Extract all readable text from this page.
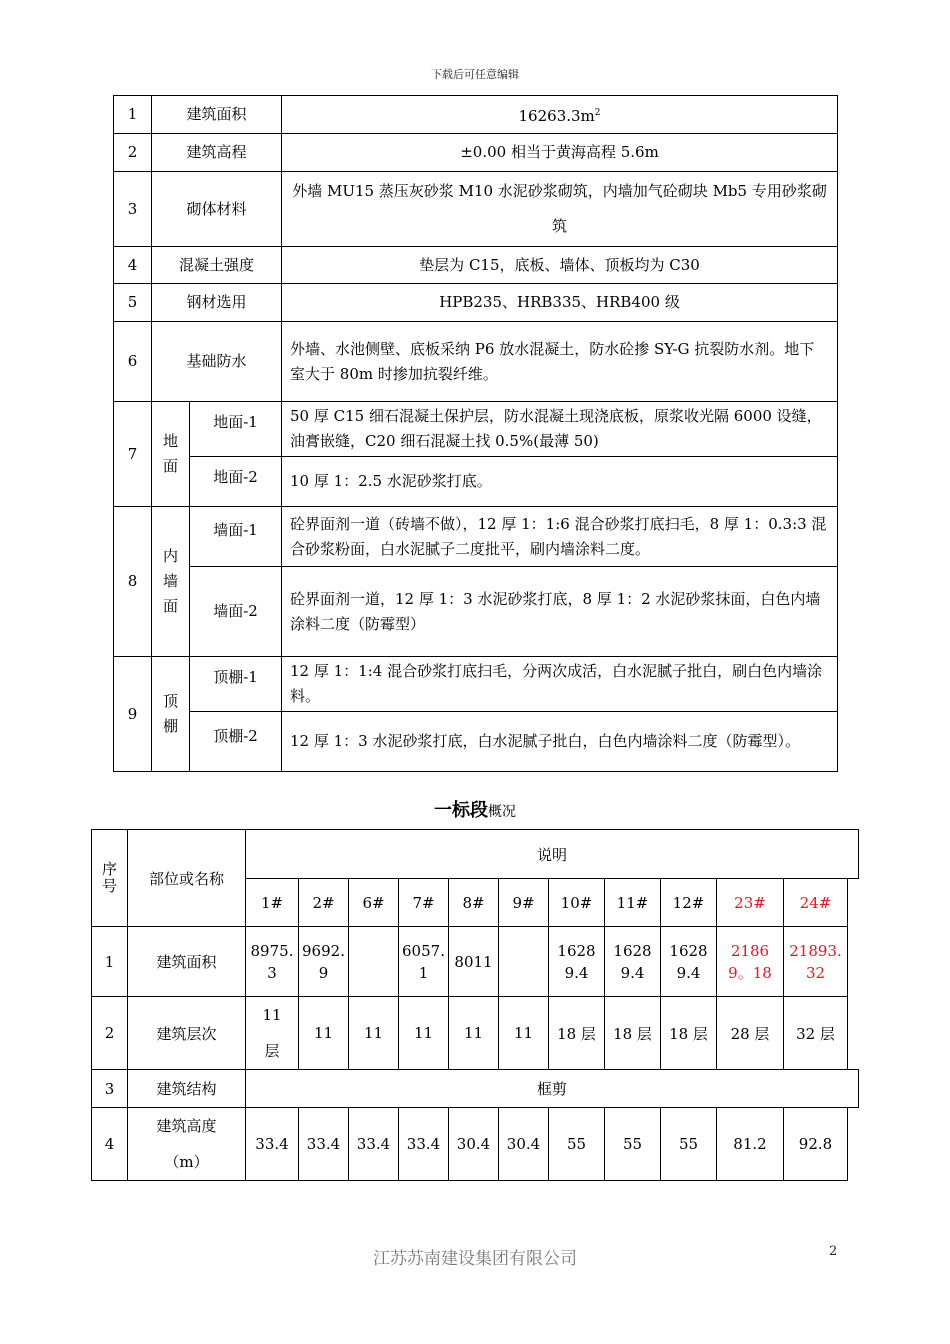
下载后可任意编辑
1	建筑面积		$16263.3m^2$
2	建筑高程		±0.00 相当于黄海高程 5.6m
3	砌体材料		外墙 MU15 蒸压灰砂浆 M10 水泥砂浆砌筑，内墙加气砼砌块 Mb5 专用砂浆砌筑
4	混凝土强度		垫层为 C15，底板、墙体、顶板均为 C30
5	钢材选用		HPB235、HRB335、HRB400 级
6	基础防水		外墙、水池侧壁、底板采纳 P6 放水混凝土，防水砼掺 SY-G 抗裂防水剂。地下室大于 80m 时掺加抗裂纤维。
7	地面	地面-1	50 厚 C15 细石混凝土保护层，防水混凝土现浇底板，原浆收光隔 6000 设缝，油膏嵌缝，C20 细石混凝土找 0.5%(最薄 50)
		地面-2	10 厚 1：2.5 水泥砂浆打底。
8	内墙面	墙面-1	砼界面剂一道（砖墙不做），12 厚 1：1:6 混合砂浆打底扫毛，8 厚 1：0.3:3 混合砂浆粉面，白水泥腻子二度批平，刷内墙涂料二度。
		墙面-2	砼界面剂一道，12 厚 1：3 水泥砂浆打底，8 厚 1：2 水泥砂浆抹面，白色内墙涂料二度（防霉型）
9	顶棚	顶棚-1	12 厚 1：1:4 混合砂浆打底扫毛，分两次成活，白水泥腻子批白，刷白色内墙涂料。
		顶棚-2	12 厚 1：3 水泥砂浆打底，白水泥腻子批白，白色内墙涂料二度（防霉型）。
一标段概况
序号	部位或名称	说明											
		1#	2#	6#	7#	8#	9#	10#	11#	12#	23#	24#	
1	建筑面积	8975.3	9692.9		6057.1	8011		16289.4	16289.4	16289.4	21869。18	21893.32	
2	建筑层次	11层	11	11	11	11	11	18 层	18 层	18 层	28 层	32 层	
3	建筑结构	框剪											
4	建筑高度（m）	33.4	33.4	33.4	33.4	30.4	30.4	55	55	55	81.2	92.8	
江苏苏南建设集团有限公司	2
